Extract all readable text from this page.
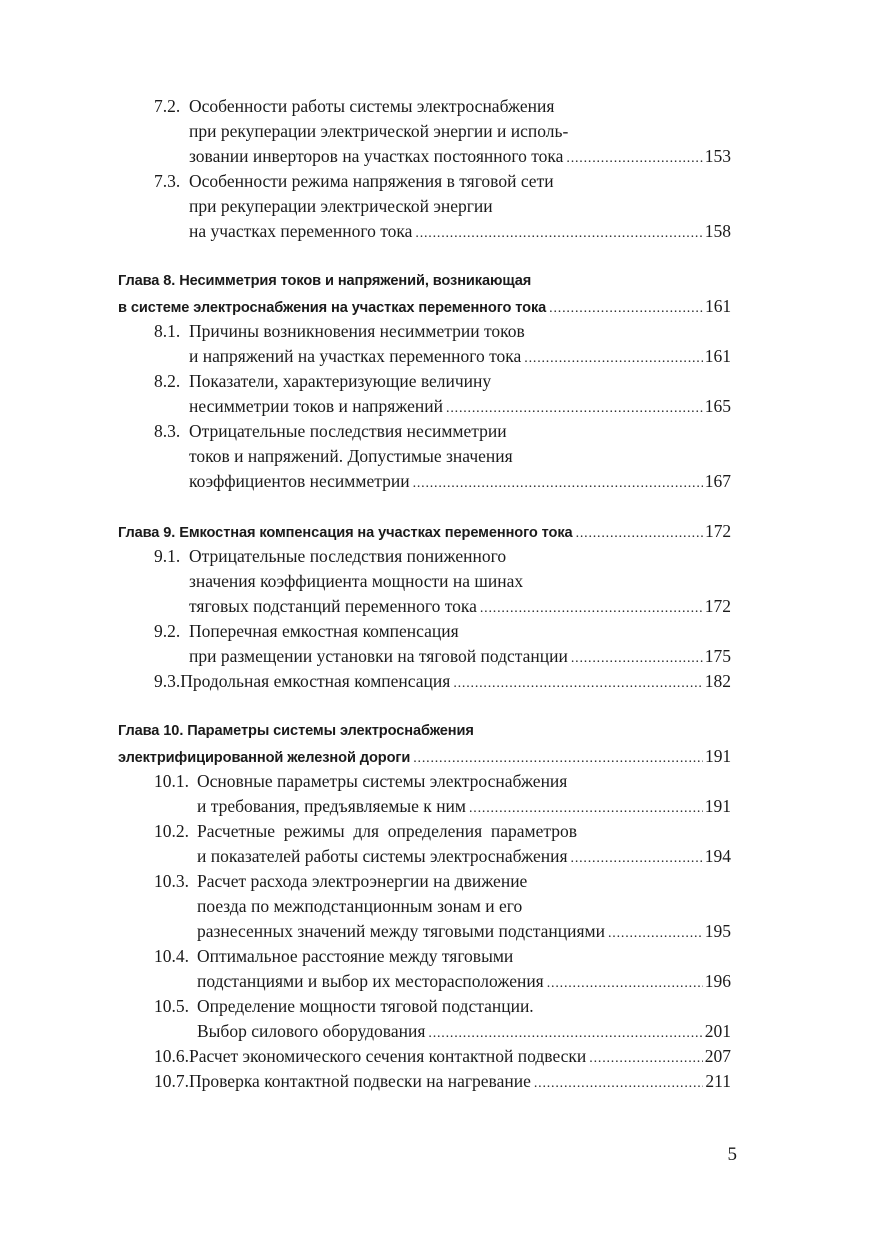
7.2. Особенности работы системы электроснабжения
при рекуперации электрической энергии и исполь-
зовании инверторов на участках постоянного тока .....	153
7.3. Особенности режима напряжения в тяговой сети
при рекуперации электрической энергии
на участках переменного тока .....	158
Глава 8. Несимметрия токов и напряжений, возникающая
в системе электроснабжения на участках переменного тока .....	161
8.1. Причины возникновения несимметрии токов
и напряжений на участках переменного тока .....	161
8.2. Показатели, характеризующие величину
несимметрии токов и напряжений .....	165
8.3. Отрицательные последствия несимметрии
токов и напряжений. Допустимые значения
коэффициентов несимметрии .....	167
Глава 9. Емкостная компенсация на участках переменного тока .....	172
9.1. Отрицательные последствия пониженного
значения коэффициента мощности на шинах
тяговых подстанций переменного тока .....	172
9.2. Поперечная емкостная компенсация
при размещении установки на тяговой подстанции .....	175
9.3. Продольная емкостная компенсация .....	182
Глава 10. Параметры системы электроснабжения
электрифицированной железной дороги .....	191
10.1. Основные параметры системы электроснабжения
и требования, предъявляемые к ним .....	191
10.2. Расчетные  режимы  для  определения  параметров
и показателей работы системы электроснабжения .....	194
10.3. Расчет расхода электроэнергии на движение
поезда по межподстанционным зонам и его
разнесенных значений между тяговыми подстанциями .....	195
10.4. Оптимальное расстояние между тяговыми
подстанциями и выбор их месторасположения .....	196
10.5. Определение мощности тяговой подстанции.
Выбор силового оборудования .....	201
10.6. Расчет экономического сечения контактной подвески .....	207
10.7. Проверка контактной подвески на нагревание .....	211
5
